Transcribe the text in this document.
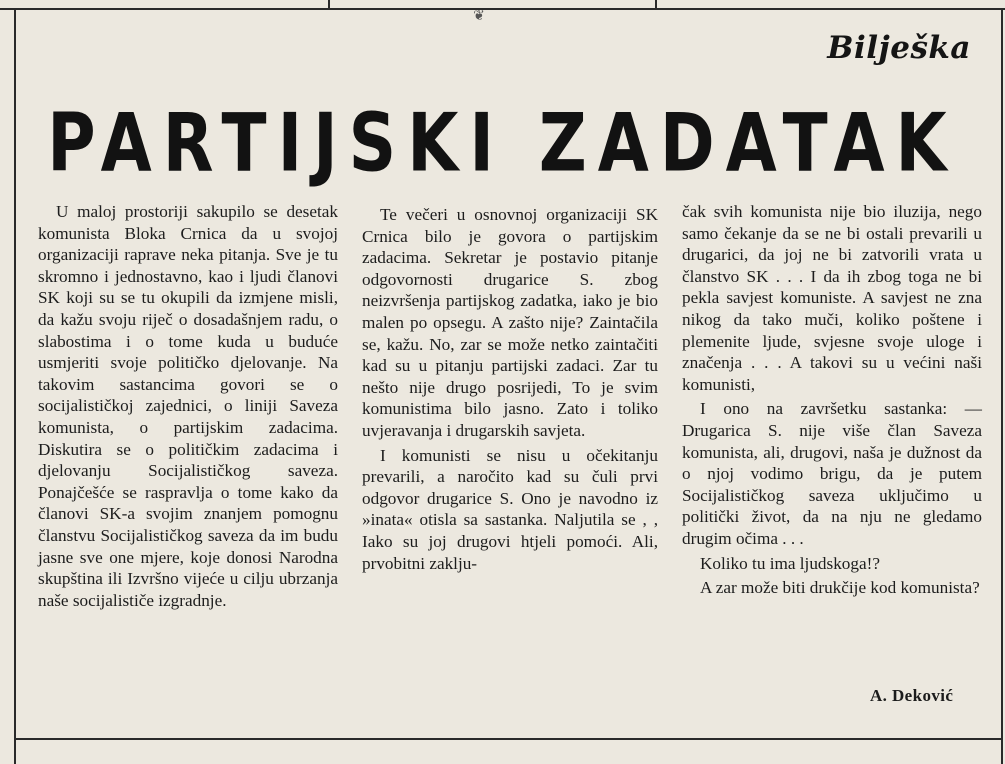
❦
Bilješka
PARTIJSKI ZADATAK

U maloj prostoriji sakupilo se desetak komunista Bloka Crnica da u svojoj organizaciji raprave neka pitanja. Sve je tu skromno i jednostavno, kao i ljudi članovi SK koji su se tu okupili da izmjene misli, da kažu svoju riječ o dosadašnjem radu, o slabostima i o tome kuda u buduće usmjeriti svoje političko djelovanje. Na takovim sastancima govori se o socijalističkoj zajednici, o liniji Saveza komunista, o partijskim zadacima. Diskutira se o političkim zadacima i djelovanju Socijalističkog saveza. Ponajčešće se raspravlja o tome kako da članovi SK-a svojim znanjem pomognu članstvu Socijalističkog saveza da im budu jasne sve one mjere, koje donosi Narodna skupština ili Izvršno vijeće u cilju ubrzanja naše socijalističe izgradnje.

Te večeri u osnovnoj organizaciji SK Crnica bilo je govora o partijskim zadacima. Sekretar je postavio pitanje odgovornosti drugarice S. zbog neizvršenja partijskog zadatka, iako je bio malen po opsegu. A zašto nije? Zaintačila se, kažu. No, zar se može netko zaintačiti kad su u pitanju partijski zadaci. Zar tu nešto nije drugo posrijedi, To je svim komunistima bilo jasno. Zato i toliko uvjeravanja i drugarskih savjeta.

I komunisti se nisu u očekitanju prevarili, a naročito kad su čuli prvi odgovor drugarice S. Ono je navodno iz »inata« otisla sa sastanka. Naljutila se , , Iako su joj drugovi htjeli pomoći. Ali, prvobitni zaklju-

čak svih komunista nije bio iluzija, nego samo čekanje da se ne bi ostali prevarili u drugarici, da joj ne bi zatvorili vrata u članstvo SK . . . I da ih zbog toga ne bi pekla savjest komuniste. A savjest ne zna nikog da tako muči, koliko poštene i plemenite ljude, svjesne svoje uloge i značenja . . . A takovi su u većini naši komunisti,

I ono na završetku sastanka: — Drugarica S. nije više član Saveza komunista, ali, drugovi, naša je dužnost da o njoj vodimo brigu, da je putem Socijalističkog saveza uključimo u politički život, da na nju ne gledamo drugim očima . . .

Koliko tu ima ljudskoga!?

A zar može biti drukčije kod komunista?

A. Deković
